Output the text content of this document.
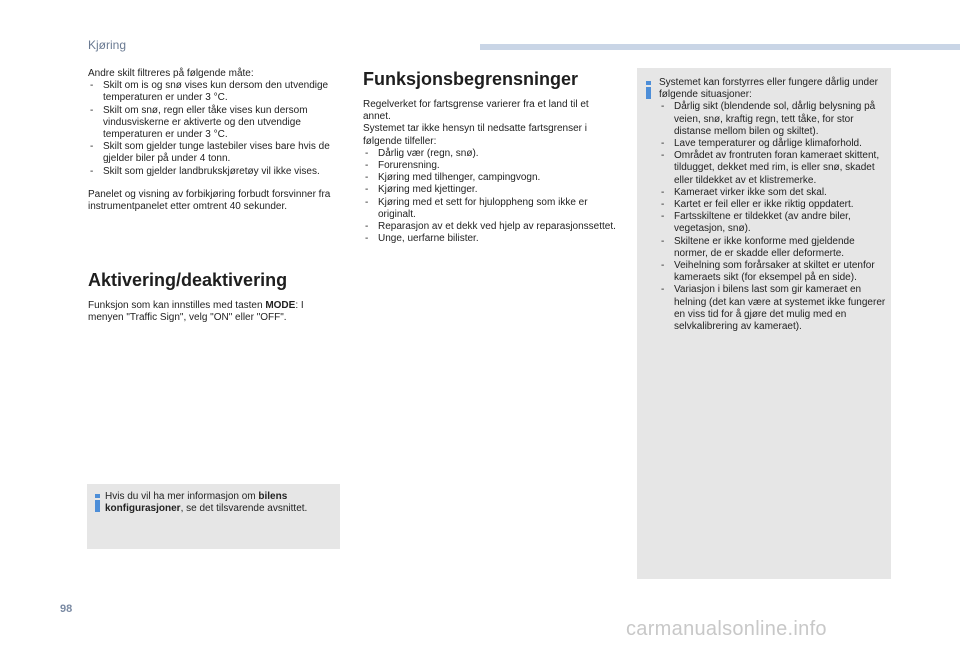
Kjøring

Andre skilt filtreres på følgende måte:

- Skilt om is og snø vises kun dersom den utvendige temperaturen er under 3 °C.
- Skilt om snø, regn eller tåke vises kun dersom vindusviskerne er aktiverte og den utvendige temperaturen er under 3 °C.
- Skilt som gjelder tunge lastebiler vises bare hvis de gjelder biler på under 4 tonn.
- Skilt som gjelder landbrukskjøretøy vil ikke vises.

Panelet og visning av forbikjøring forbudt forsvinner fra instrumentpanelet etter omtrent 40 sekunder.

Aktivering/deaktivering

Funksjon som kan innstilles med tasten MODE: I menyen "Traffic Sign", velg "ON" eller "OFF".

Hvis du vil ha mer informasjon om bilens konfigurasjoner, se det tilsvarende avsnittet.
Funksjonsbegrensninger

Regelverket for fartsgrense varierer fra et land til et annet.

Systemet tar ikke hensyn til nedsatte fartsgrenser i følgende tilfeller:

- Dårlig vær (regn, snø).
- Forurensning.
- Kjøring med tilhenger, campingvogn.
- Kjøring med kjettinger.
- Kjøring med et sett for hjuloppheng som ikke er originalt.
- Reparasjon av et dekk ved hjelp av reparasjonssettet.
- Unge, uerfarne bilister.

Systemet kan forstyrres eller fungere dårlig under følgende situasjoner:

- Dårlig sikt (blendende sol, dårlig belysning på veien, snø, kraftig regn, tett tåke, for stor distanse mellom bilen og skiltet).
- Lave temperaturer og dårlige klimaforhold.
- Området av frontruten foran kameraet skittent, tildugget, dekket med rim, is eller snø, skadet eller tildekket av et klistremerke.
- Kameraet virker ikke som det skal.
- Kartet er feil eller er ikke riktig oppdatert.
- Fartsskiltene er tildekket (av andre biler, vegetasjon, snø).
- Skiltene er ikke konforme med gjeldende normer, de er skadde eller deformerte.
- Veihelning som forårsaker at skiltet er utenfor kameraets sikt (for eksempel på en side).
- Variasjon i bilens last som gir kameraet en helning (det kan være at systemet ikke fungerer en viss tid for å gjøre det mulig med en selvkalibrering av kameraet).
98
carmanualsonline.info
